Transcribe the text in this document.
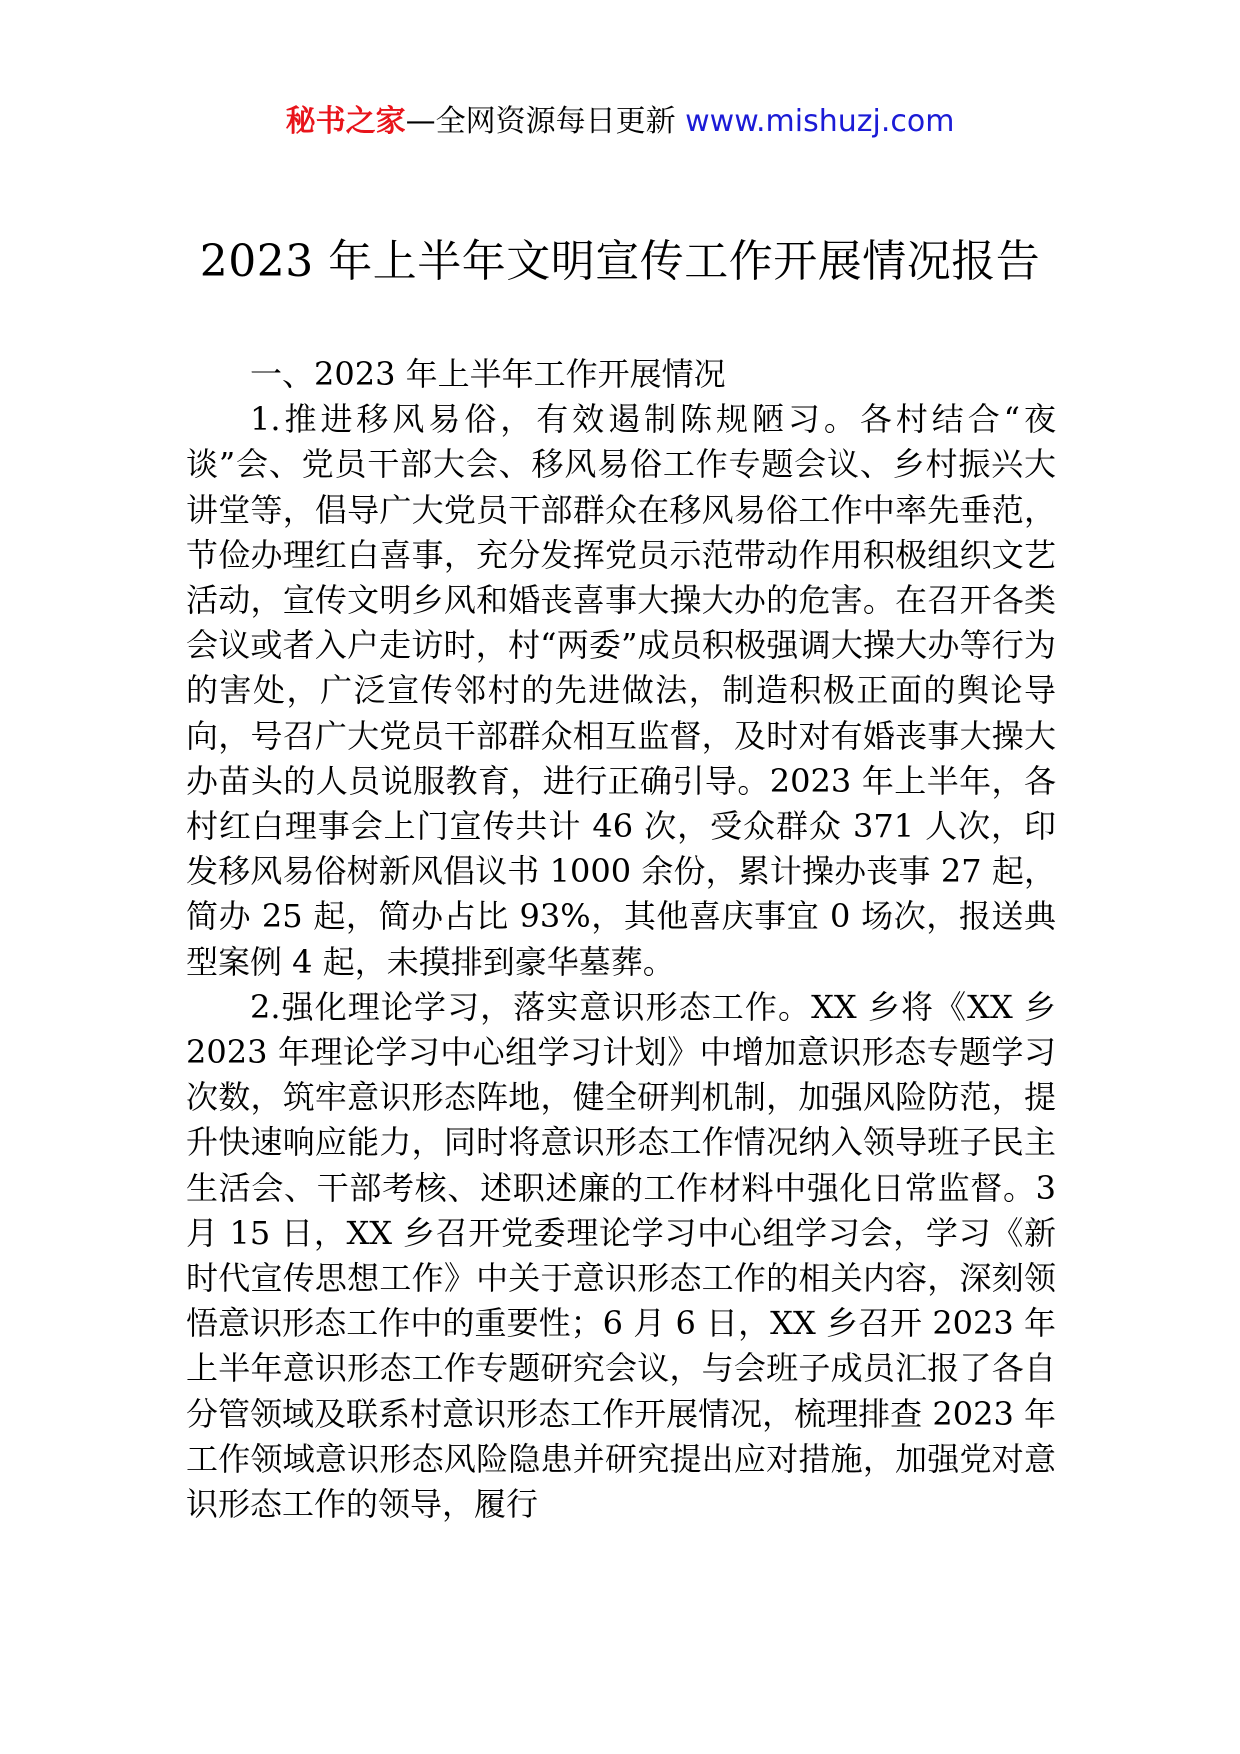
秘书之家—全网资源每日更新 www.mishuzj.com
2023 年上半年文明宣传工作开展情况报告

一、2023 年上半年工作开展情况

1.推进移风易俗，有效遏制陈规陋习。各村结合“夜谈”会、党员干部大会、移风易俗工作专题会议、乡村振兴大讲堂等，倡导广大党员干部群众在移风易俗工作中率先垂范，节俭办理红白喜事，充分发挥党员示范带动作用积极组织文艺活动，宣传文明乡风和婚丧喜事大操大办的危害。在召开各类会议或者入户走访时，村“两委”成员积极强调大操大办等行为的害处，广泛宣传邻村的先进做法，制造积极正面的舆论导向，号召广大党员干部群众相互监督，及时对有婚丧事大操大办苗头的人员说服教育，进行正确引导。2023 年上半年，各村红白理事会上门宣传共计 46 次，受众群众 371 人次，印发移风易俗树新风倡议书 1000 余份，累计操办丧事 27 起，简办 25 起，简办占比 93%，其他喜庆事宜 0 场次，报送典型案例 4 起，未摸排到豪华墓葬。

2.强化理论学习，落实意识形态工作。XX 乡将《XX 乡 2023 年理论学习中心组学习计划》中增加意识形态专题学习次数，筑牢意识形态阵地，健全研判机制，加强风险防范，提升快速响应能力，同时将意识形态工作情况纳入领导班子民主生活会、干部考核、述职述廉的工作材料中强化日常监督。3 月 15 日，XX 乡召开党委理论学习中心组学习会，学习《新时代宣传思想工作》中关于意识形态工作的相关内容，深刻领悟意识形态工作中的重要性；6 月 6 日，XX 乡召开 2023 年上半年意识形态工作专题研究会议，与会班子成员汇报了各自分管领域及联系村意识形态工作开展情况，梳理排查 2023 年工作领域意识形态风险隐患并研究提出应对措施，加强党对意识形态工作的领导，履行
